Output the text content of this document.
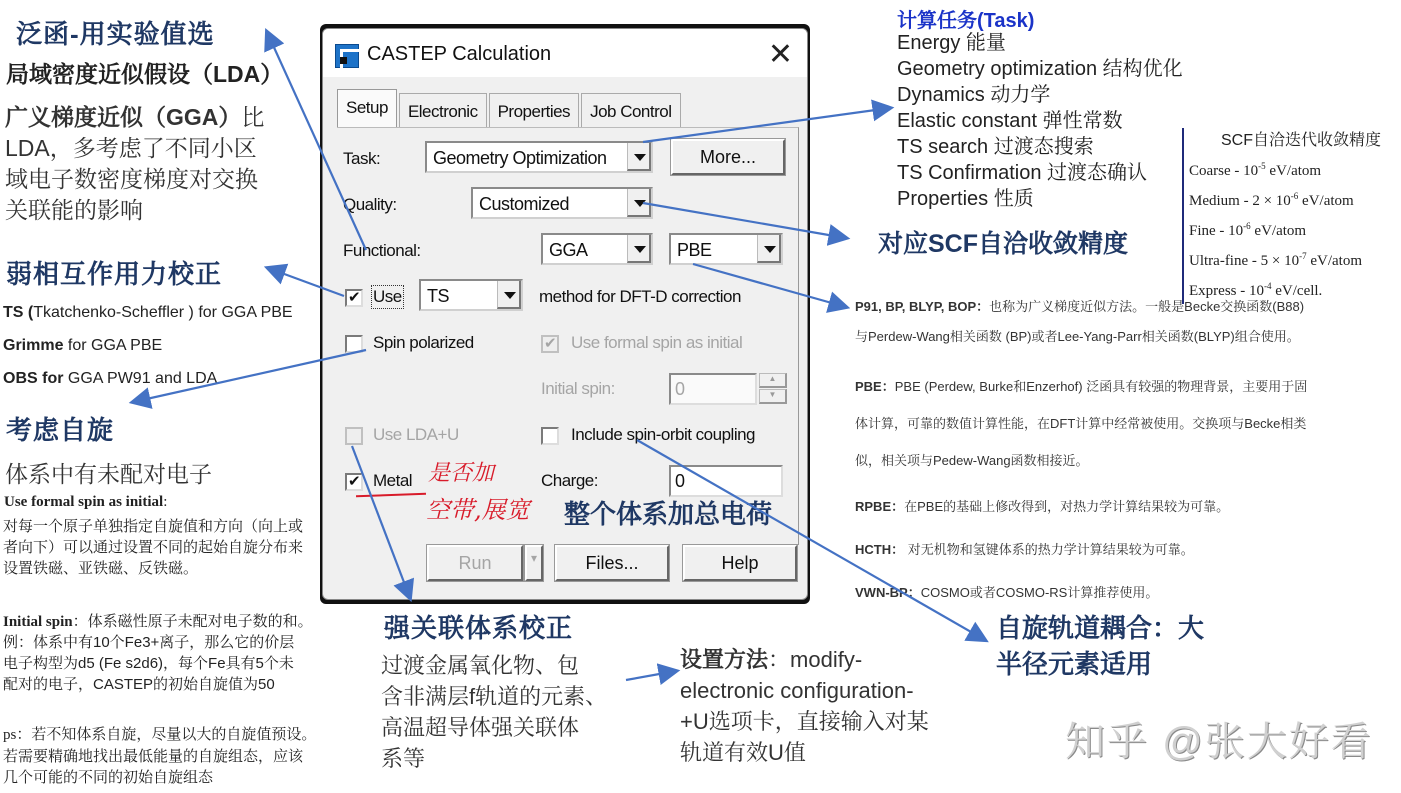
泛函-用实验值选
局域密度近似假设（LDA）
广义梯度近似（GGA）比
LDA，多考虑了不同小区
域电子数密度梯度对交换
关联能的影响
弱相互作用力校正
TS (Tkatchenko-Scheffler ) for GGA PBE
Grimme for GGA PBE
OBS for GGA PW91 and LDA
考虑自旋
体系中有未配对电子
Use formal spin as initial:
对每一个原子单独指定自旋值和方向（向上或
者向下）可以通过设置不同的起始自旋分布来
设置铁磁、亚铁磁、反铁磁。
Initial spin：体系磁性原子未配对电子数的和。
例：体系中有10个Fe3+离子，那么它的价层
电子构型为d5 (Fe s2d6)，每个Fe具有5个未
配对的电子，CASTEP的初始自旋值为50
ps：若不知体系自旋，尽量以大的自旋值预设。
若需要精确地找出最低能量的自旋组态，应该
几个可能的不同的初始自旋组态
CASTEP Calculation	✕
Setup	Electronic	Properties	Job Control
Task:	Geometry Optimization	More...
Quality:	Customized
Functional:	GGA	PBE
✔
Use	TS	method for DFT-D correction
Spin polarized ✔	Use formal spin as initial
Initial spin:	0
▲
▼
Use LDA+U	Include spin-orbit coupling
✔
Metal	Charge:	0
Run	▾	Files...	Help
是否加
空带,展宽 整个体系加总电荷
计算任务(Task)
Energy 能量
Geometry optimization 结构优化
Dynamics 动力学
Elastic constant 弹性常数
TS search 过渡态搜索
TS Confirmation 过渡态确认
Properties 性质
SCF自洽迭代收敛精度
Coarse - $10^{-5}$ eV/atom
Medium - $2 \times 10^{-6}$ eV/atom
Fine - $10^{-6}$ eV/atom
Ultra-fine - $5 \times 10^{-7}$ eV/atom
Express - $10^{-4}$ eV/cell.
对应SCF自洽收敛精度
P91, BP, BLYP, BOP：也称为广义梯度近似方法。一般是Becke交换函数(B88)
与Perdew-Wang相关函数 (BP)或者Lee-Yang-Parr相关函数(BLYP)组合使用。
PBE：PBE (Perdew, Burke和Enzerhof) 泛函具有较强的物理背景，主要用于固
体计算，可靠的数值计算性能，在DFT计算中经常被使用。交换项与Becke相类
似，相关项与Pedew-Wang函数相接近。
RPBE：在PBE的基础上修改得到，对热力学计算结果较为可靠。
HCTH： 对无机物和氢键体系的热力学计算结果较为可靠。
VWN-BP：COSMO或者COSMO-RS计算推荐使用。
强关联体系校正
过渡金属氧化物、包
含非满层f轨道的元素、
高温超导体强关联体
系等
设置方法：modify-
electronic configuration-
+U选项卡，直接输入对某
轨道有效U值
自旋轨道耦合：大
半径元素适用
知乎 @张大好看
